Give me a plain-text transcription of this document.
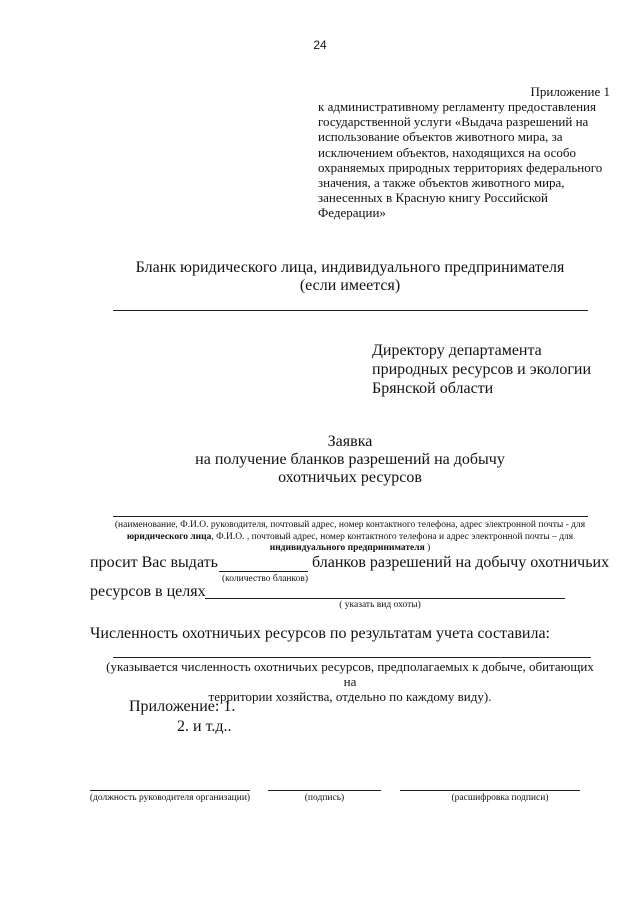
24
Приложение 1
к административному регламенту предоставления
государственной услуги «Выдача разрешений на
использование объектов животного мира, за
исключением объектов, находящихся на особо
охраняемых природных территориях федерального
значения, а также объектов животного мира,
занесенных в Красную книгу Российской
Федерации»
Бланк юридического лица, индивидуального предпринимателя
(если имеется)
Директору департамента
природных ресурсов и экологии
Брянской области
Заявка
на получение бланков разрешений на добычу
охотничьих ресурсов
(наименование, Ф.И.О. руководителя, почтовый адрес, номер контактного телефона, адрес электронной почты - для
юридического лица, Ф.И.О. , почтовый адрес, номер контактного телефона и адрес электронной почты – для
индивидуального предпринимателя )
просит Вас выдать	бланков разрешений на добычу охотничьих
(количество бланков)
ресурсов в целях
( указать вид охоты)
Численность охотничьих ресурсов по результатам учета составила:
(указывается численность охотничьих ресурсов, предполагаемых к добыче, обитающих на
территории хозяйства, отдельно по каждому виду).
Приложение: 1.
2. и т.д..
(должность руководителя организации)	(подпись)	(расшифровка подписи)
